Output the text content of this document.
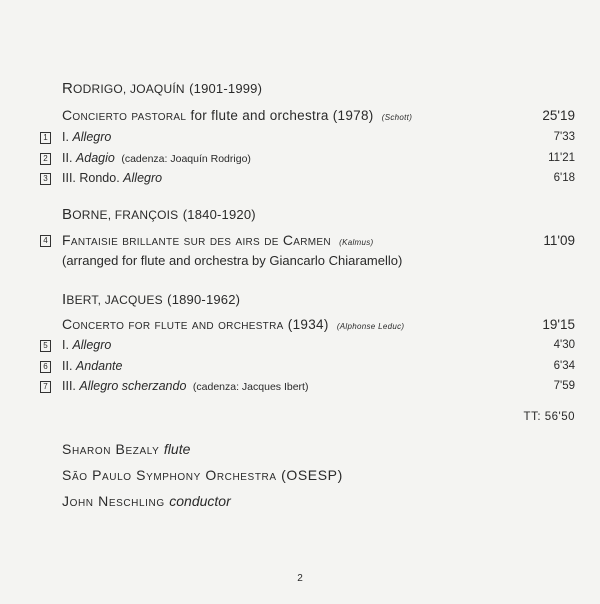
RODRIGO, JOAQUÍN (1901-1999)
Concierto pastoral for flute and orchestra (1978) (Schott)	25'19
1 I. Allegro	7'33
2 II. Adagio (cadenza: Joaquín Rodrigo)	11'21
3 III. Rondo. Allegro	6'18
BORNE, FRANÇOIS (1840-1920)
4 Fantaisie brillante sur des airs de Carmen (Kalmus)	11'09
(arranged for flute and orchestra by Giancarlo Chiaramello)
IBERT, JACQUES (1890-1962)
Concerto for flute and orchestra (1934) (Alphonse Leduc)	19'15
5 I. Allegro	4'30
6 II. Andante	6'34
7 III. Allegro scherzando (cadenza: Jacques Ibert)	7'59
TT: 56'50
Sharon Bezaly flute
São Paulo Symphony Orchestra (OSESP)
John Neschling conductor
2
